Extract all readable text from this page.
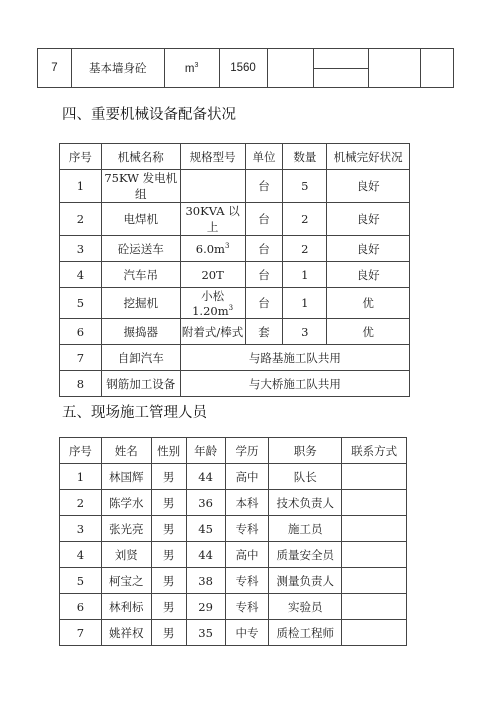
7	基本墙身砼	$m^3$	1560		

四、重要机械设备配备状况
序号	机械名称	规格型号	单位	数量	机械完好状况
1	75KW 发电机组		台	5	良好
2	电焊机	30KVA 以上	台	2	良好
3	砼运送车	$6.0m^3$	台	2	良好
4	汽车吊	20T	台	1	良好
5	挖掘机	小松 $1.20m^3$	台	1	优
6	搌捣器	附着式/棒式	套	3	优
7	自卸汽车	与路基施工队共用			
8	钢筋加工设备	与大桥施工队共用			
五、现场施工管理人员
序号	姓名	性别	年龄	学历	职务	联系方式
1	林国辉	男	44	高中	队长	
2	陈学水	男	36	本科	技术负责人	
3	张光亮	男	45	专科	施工员	
4	刘贤	男	44	高中	质量安全员	
5	柯宝之	男	38	专科	测量负责人	
6	林利标	男	29	专科	实验员	
7	姚祥权	男	35	中专	质检工程师	
